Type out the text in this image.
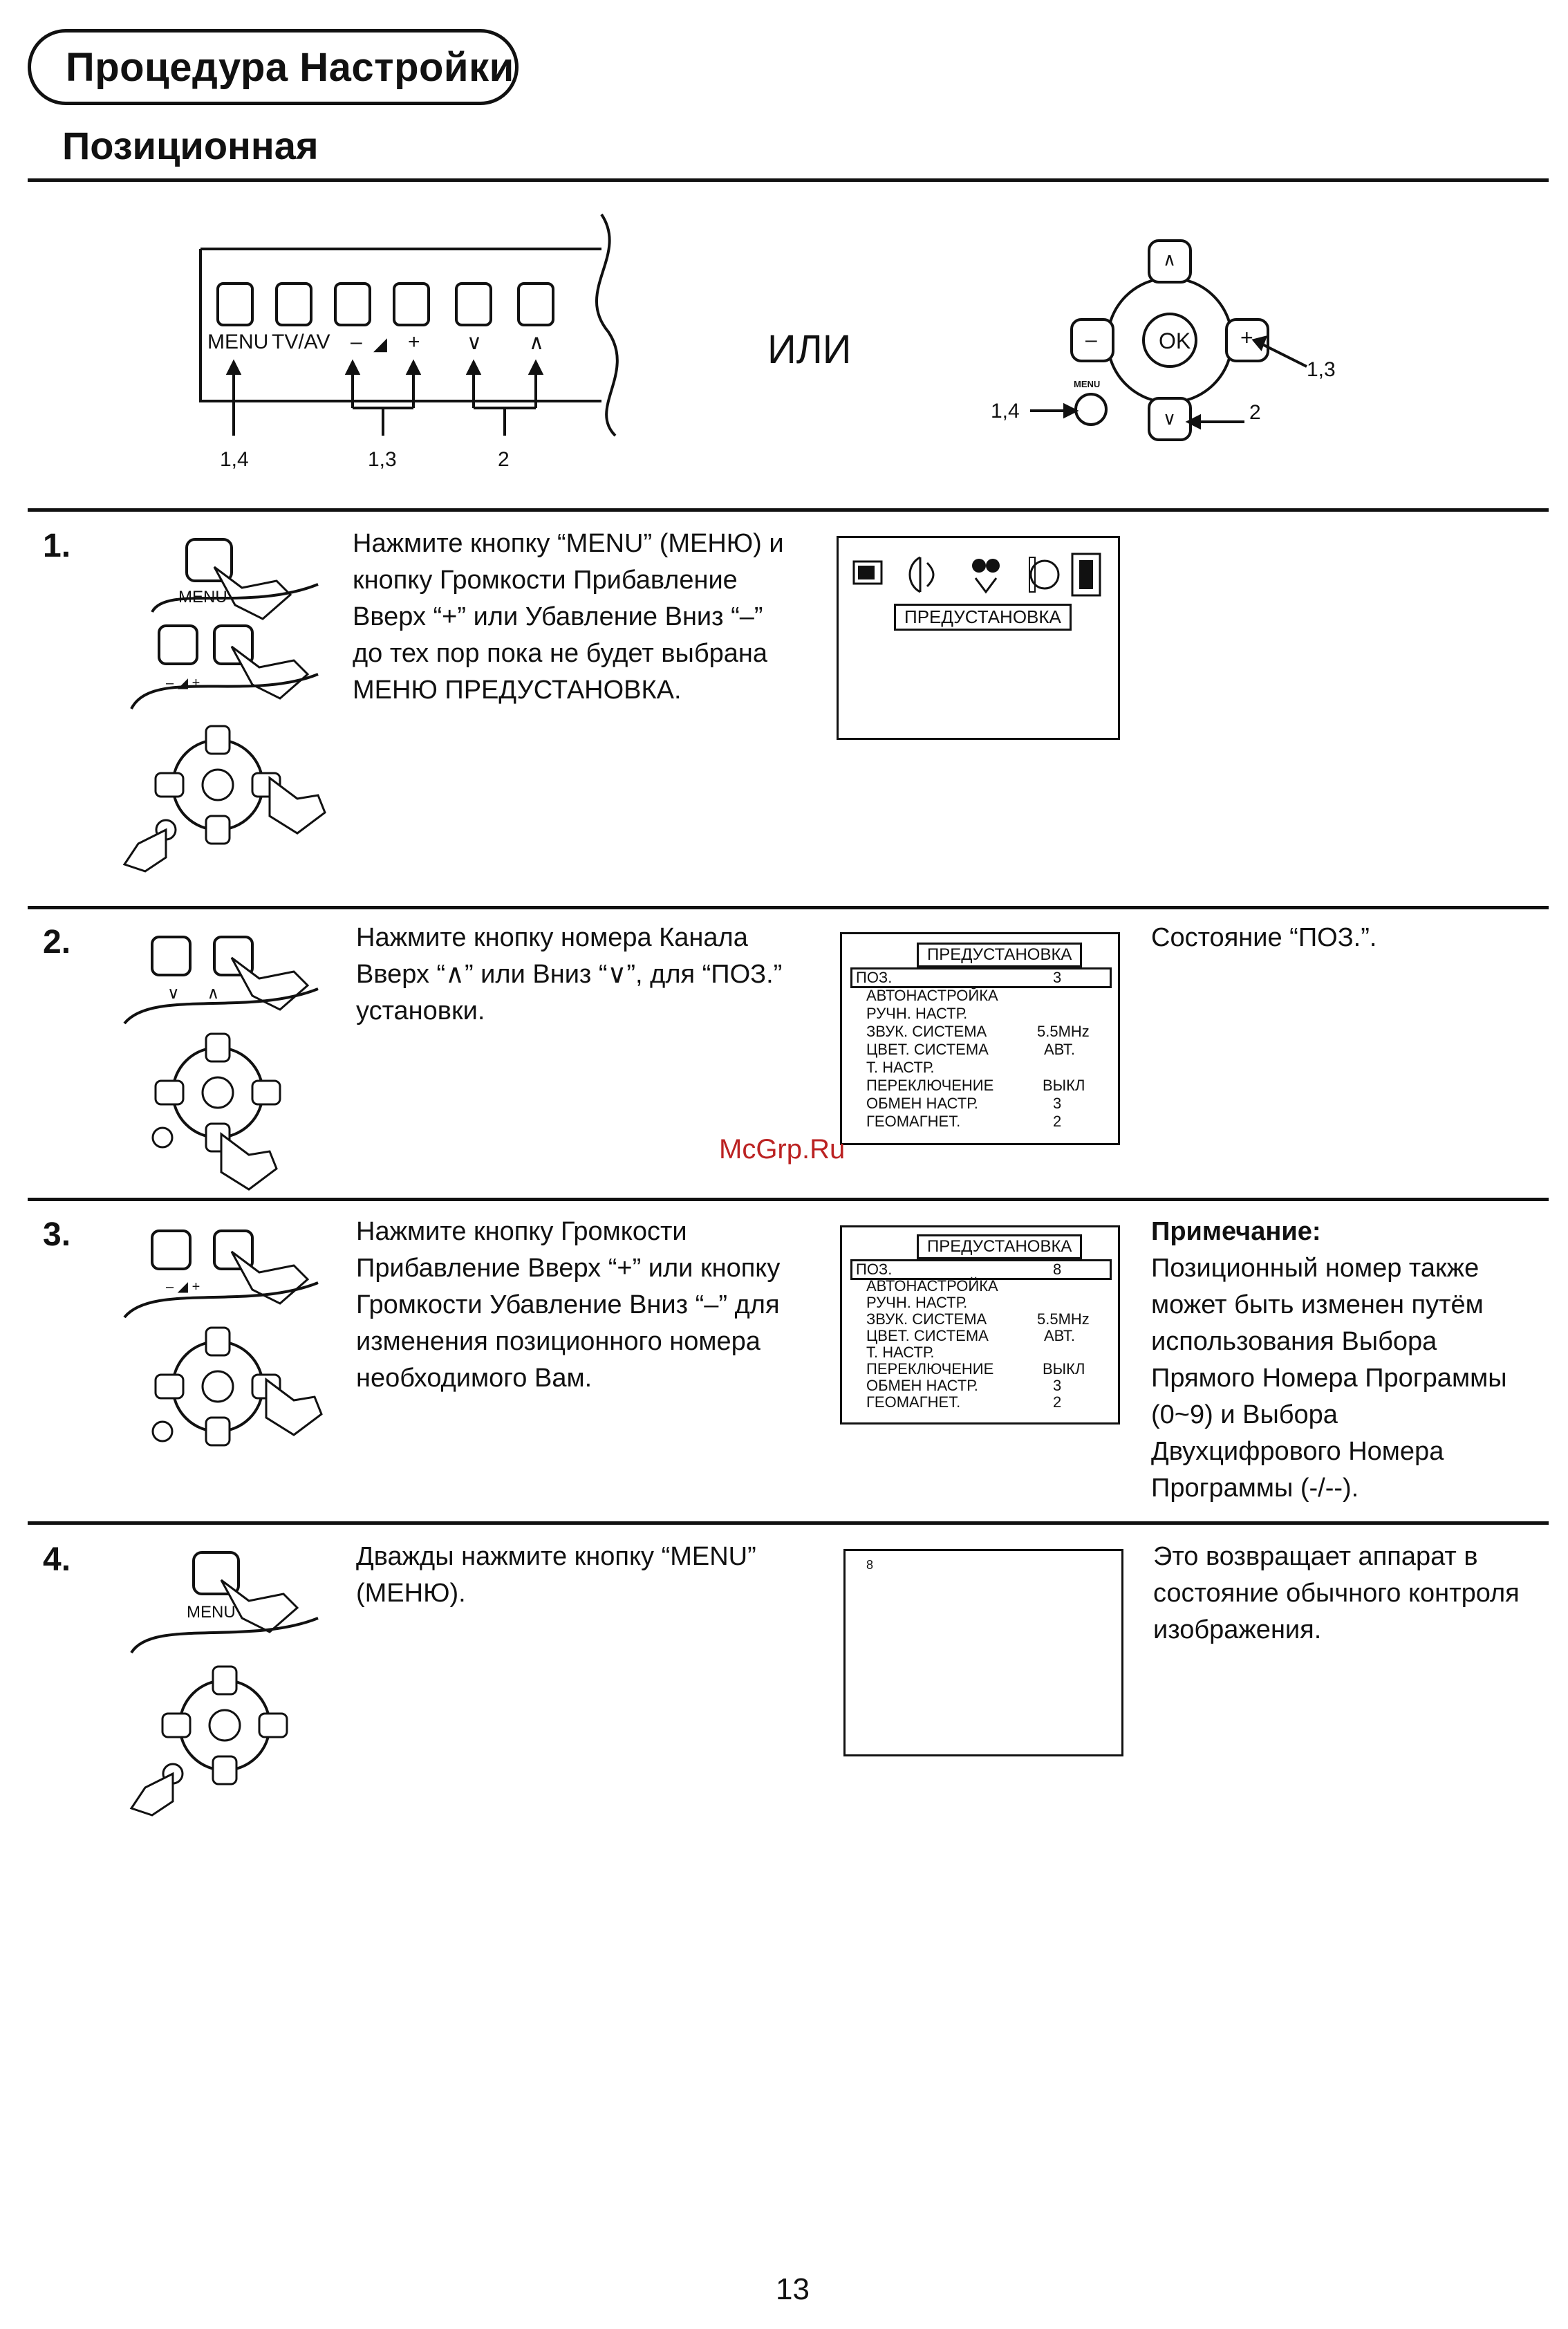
Процедура Настройки
Позиционная
MENU TV/AV – ◢ + ∨ ∧
1,4	1,3	2
ИЛИ	OK
∧
∨
–	+
MENU
1,4
1,3
2
1.
MENU
– ◢ +
Нажмите кнопку “MENU” (МЕНЮ) и
кнопку Громкости Прибавление
Вверх “+” или Убавление Вниз “–”
до тех пор пока не будет выбрана
МЕНЮ ПРЕДУСТАНОВКА.
ПРЕДУСТАНОВКА
2.
∨      ∧
Нажмите кнопку номера Канала
Вверх “∧” или Вниз “∨”, для “ПОЗ.”
установки.
ПРЕДУСТАНОВКА
ПОЗ.	3
АВТОНАСТРОЙКА
РУЧН. НАСТР.
ЗВУК. СИСТЕМА	5.5MHz
ЦВЕТ. СИСТЕМА	АВТ.
Т. НАСТР.
ПЕРЕКЛЮЧЕНИЕ	ВЫКЛ
ОБМЕН НАСТР.	3
ГЕОМАГНЕТ.	2
Состояние “ПОЗ.”.
McGrp.Ru
3.
– ◢ +
Нажмите кнопку Громкости
Прибавление Вверх “+” или кнопку
Громкости Убавление Вниз “–” для
изменения позиционного номера
необходимого Вам.
ПРЕДУСТАНОВКА
ПОЗ.	8
АВТОНАСТРОЙКА
РУЧН. НАСТР.
ЗВУК. СИСТЕМА	5.5MHz
ЦВЕТ. СИСТЕМА	АВТ.
Т. НАСТР.
ПЕРЕКЛЮЧЕНИЕ	ВЫКЛ
ОБМЕН НАСТР.	3
ГЕОМАГНЕТ.	2
Примечание:
Позиционный номер также
может быть изменен путём
использования Выбора
Прямого Номера Программы
(0~9) и Выбора
Двухцифрового Номера
Программы (-/--).
4.
MENU
Дважды нажмите кнопку “MENU”
(МЕНЮ).
8	Это возвращает аппарат в
состояние обычного контроля
изображения.
13
